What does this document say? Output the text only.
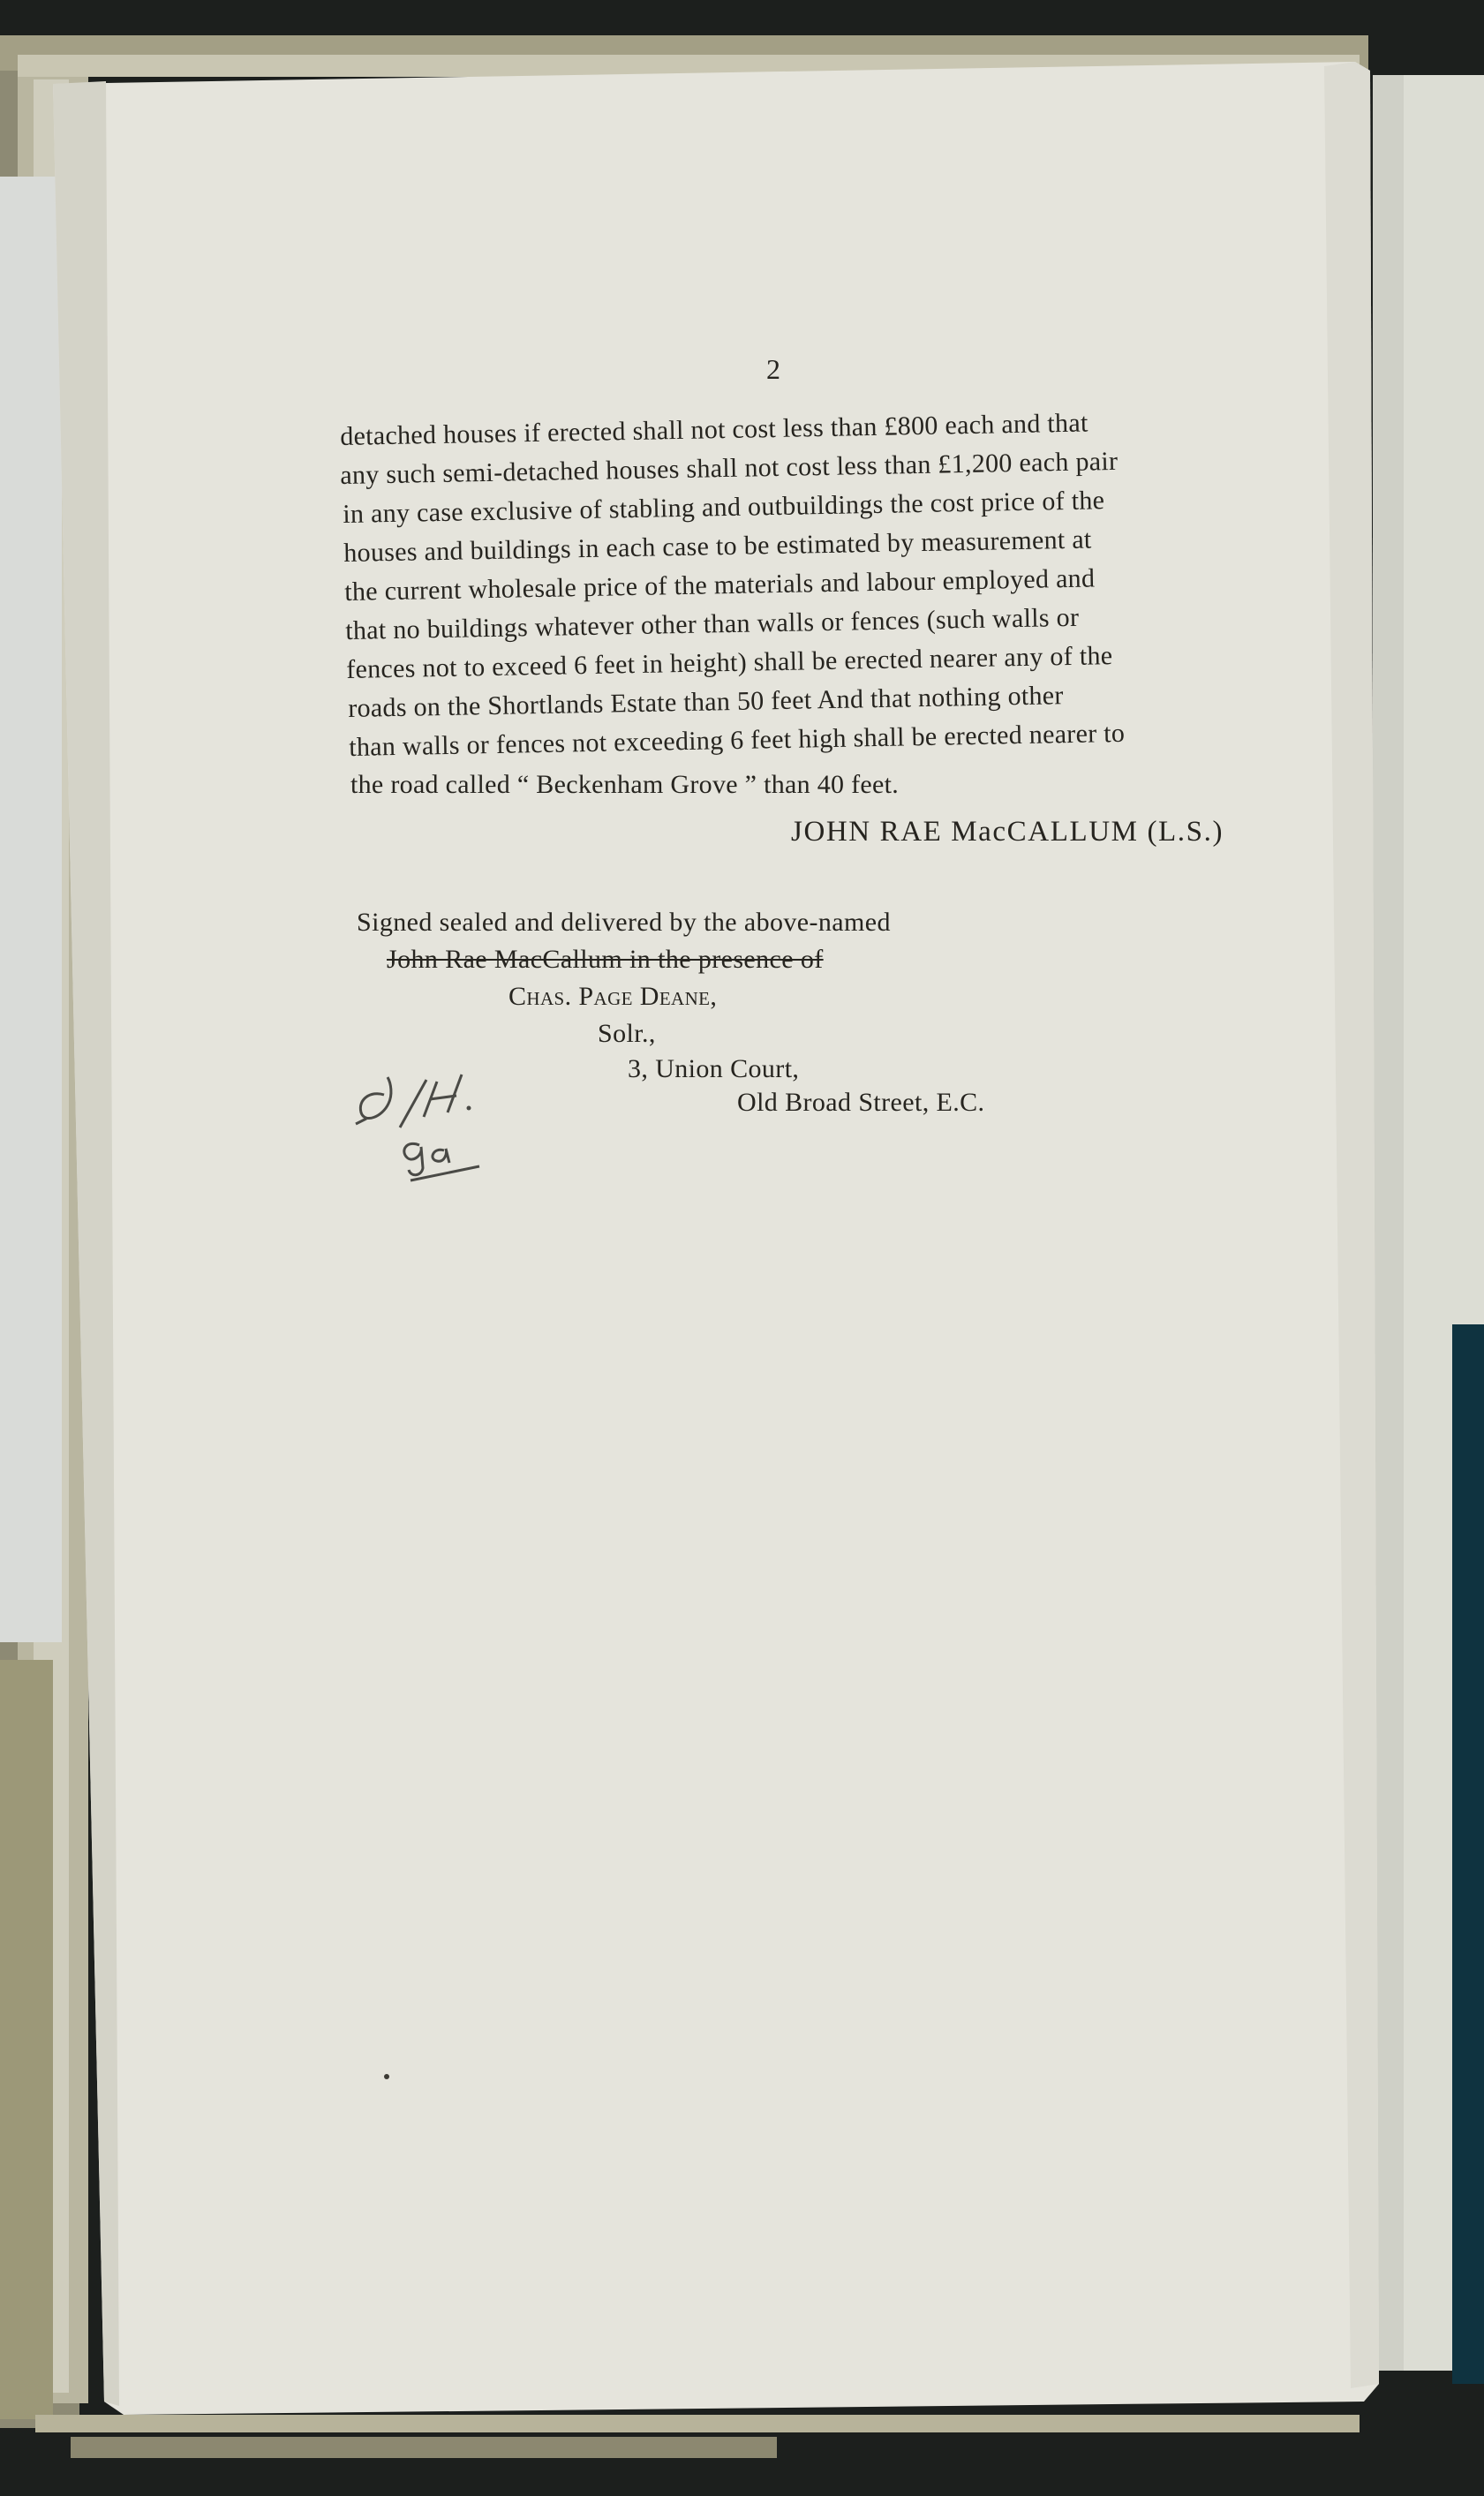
2
detached houses if erected shall not cost less than £800 each and that
any such semi-detached houses shall not cost less than £1,200 each pair
in any case exclusive of stabling and outbuildings the cost price of the
houses and buildings in each case to be estimated by measurement at
the current wholesale price of the materials and labour employed and
that no buildings whatever other than walls or fences (such walls or
fences not to exceed 6 feet in height) shall be erected nearer any of the
roads on the Shortlands Estate than 50 feet And that nothing other
than walls or fences not exceeding 6 feet high shall be erected nearer to
the road called “ Beckenham Grove ” than 40 feet.
JOHN RAE MacCALLUM (L.S.)
Signed sealed and delivered by the above-named
John Rae MacCallum in the presence of
Chas. Page Deane,
Solr.,
3, Union Court,
Old Broad Street, E.C.
